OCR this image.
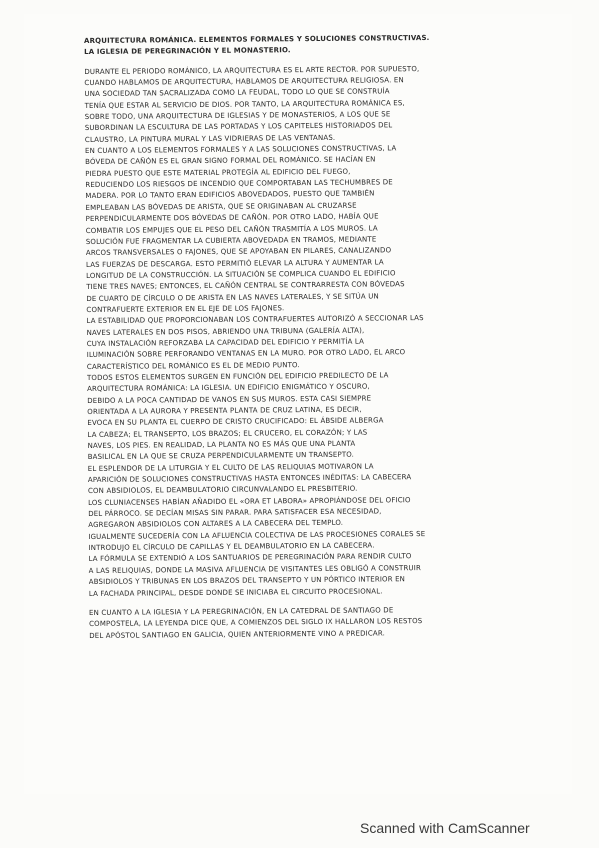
ARQUITECTURA ROMÁNICA. ELEMENTOS FORMALES Y SOLUCIONES CONSTRUCTIVAS.
LA IGLESIA DE PEREGRINACIÓN Y EL MONASTERIO.
DURANTE EL PERIODO ROMÁNICO, LA ARQUITECTURA ES EL ARTE RECTOR. POR SUPUESTO,
CUANDO HABLAMOS DE ARQUITECTURA, HABLAMOS DE ARQUITECTURA RELIGIOSA. EN
UNA SOCIEDAD TAN SACRALIZADA COMO LA FEUDAL, TODO LO QUE SE CONSTRUÍA
TENÍA QUE ESTAR AL SERVICIO DE DIOS. POR TANTO, LA ARQUITECTURA ROMÁNICA ES,
SOBRE TODO, UNA ARQUITECTURA DE IGLESIAS Y DE MONASTERIOS, A LOS QUE SE
SUBORDINAN LA ESCULTURA DE LAS PORTADAS Y LOS CAPITELES HISTORIADOS DEL
CLAUSTRO, LA PINTURA MURAL Y LAS VIDRIERAS DE LAS VENTANAS.
EN CUANTO A LOS ELEMENTOS FORMALES Y A LAS SOLUCIONES CONSTRUCTIVAS, LA
BÓVEDA DE CAÑÓN ES EL GRAN SIGNO FORMAL DEL ROMÁNICO. SE HACÍAN EN
PIEDRA PUESTO QUE ESTE MATERIAL PROTEGÍA AL EDIFICIO DEL FUEGO,
REDUCIENDO LOS RIESGOS DE INCENDIO QUE COMPORTABAN LAS TECHUMBRES DE
MADERA. POR LO TANTO ERAN EDIFICIOS ABOVEDADOS, PUESTO QUE TAMBIÉN
EMPLEABAN LAS BÓVEDAS DE ARISTA, QUE SE ORIGINABAN AL CRUZARSE
PERPENDICULARMENTE DOS BÓVEDAS DE CAÑÓN. POR OTRO LADO, HABÍA QUE
COMBATIR LOS EMPUJES QUE EL PESO DEL CAÑÓN TRASMITÍA A LOS MUROS. LA
SOLUCIÓN FUE FRAGMENTAR LA CUBIERTA ABOVEDADA EN TRAMOS, MEDIANTE
ARCOS TRANSVERSALES O FAJONES, QUE SE APOYABAN EN PILARES, CANALIZANDO
LAS FUERZAS DE DESCARGA. ESTO PERMITIÓ ELEVAR LA ALTURA Y AUMENTAR LA
LONGITUD DE LA CONSTRUCCIÓN. LA SITUACIÓN SE COMPLICA CUANDO EL EDIFICIO
TIENE TRES NAVES; ENTONCES, EL CAÑÓN CENTRAL SE CONTRARRESTA CON BÓVEDAS
DE CUARTO DE CÍRCULO O DE ARISTA EN LAS NAVES LATERALES, Y SE SITÚA UN
CONTRAFUERTE EXTERIOR EN EL EJE DE LOS FAJONES.
LA ESTABILIDAD QUE PROPORCIONABAN LOS CONTRAFUERTES AUTORIZÓ A SECCIONAR LAS
NAVES LATERALES EN DOS PISOS, ABRIENDO UNA TRIBUNA (GALERÍA ALTA),
CUYA INSTALACIÓN REFORZABA LA CAPACIDAD DEL EDIFICIO Y PERMITÍA LA
ILUMINACIÓN SOBRE PERFORANDO VENTANAS EN LA MURO. POR OTRO LADO, EL ARCO
CARACTERÍSTICO DEL ROMÁNICO ES EL DE MEDIO PUNTO.
TODOS ESTOS ELEMENTOS SURGEN EN FUNCIÓN DEL EDIFICIO PREDILECTO DE LA
ARQUITECTURA ROMÁNICA: LA IGLESIA. UN EDIFICIO ENIGMÁTICO Y OSCURO,
DEBIDO A LA POCA CANTIDAD DE VANOS EN SUS MUROS. ESTA CASI SIEMPRE
ORIENTADA A LA AURORA Y PRESENTA PLANTA DE CRUZ LATINA, ES DECIR,
EVOCA EN SU PLANTA EL CUERPO DE CRISTO CRUCIFICADO: EL ÁBSIDE ALBERGA
LA CABEZA; EL TRANSEPTO, LOS BRAZOS; EL CRUCERO, EL CORAZÓN; Y LAS
NAVES, LOS PIES. EN REALIDAD, LA PLANTA NO ES MÁS QUE UNA PLANTA
BASILICAL EN LA QUE SE CRUZA PERPENDICULARMENTE UN TRANSEPTO.
EL ESPLENDOR DE LA LITURGIA Y EL CULTO DE LAS RELIQUIAS MOTIVARON LA
APARICIÓN DE SOLUCIONES CONSTRUCTIVAS HASTA ENTONCES INÉDITAS: LA CABECERA
CON ABSIDIOLOS, EL DEAMBULATORIO CIRCUNVALANDO EL PRESBITERIO.
LOS CLUNIACENSES HABÍAN AÑADIDO EL «ORA ET LABORA» APROPIÁNDOSE DEL OFICIO
DEL PÁRROCO. SE DECÍAN MISAS SIN PARAR. PARA SATISFACER ESA NECESIDAD,
AGREGARON ABSIDIOLOS CON ALTARES A LA CABECERA DEL TEMPLO.
IGUALMENTE SUCEDERÍA CON LA AFLUENCIA COLECTIVA DE LAS PROCESIONES CORALES SE
INTRODUJO EL CÍRCULO DE CAPILLAS Y EL DEAMBULATORIO EN LA CABECERA.
LA FÓRMULA SE EXTENDIÓ A LOS SANTUARIOS DE PEREGRINACIÓN PARA RENDIR CULTO
A LAS RELIQUIAS, DONDE LA MASIVA AFLUENCIA DE VISITANTES LES OBLIGÓ A CONSTRUIR
ABSIDIOLOS Y TRIBUNAS EN LOS BRAZOS DEL TRANSEPTO Y UN PÓRTICO INTERIOR EN
LA FACHADA PRINCIPAL, DESDE DONDE SE INICIABA EL CIRCUITO PROCESIONAL.
EN CUANTO A LA IGLESIA Y LA PEREGRINACIÓN, EN LA CATEDRAL DE SANTIAGO DE
COMPOSTELA, LA LEYENDA DICE QUE, A COMIENZOS DEL SIGLO IX HALLARON LOS RESTOS
DEL APÓSTOL SANTIAGO EN GALICIA, QUIEN ANTERIORMENTE VINO A PREDICAR.
Scanned with CamScanner
